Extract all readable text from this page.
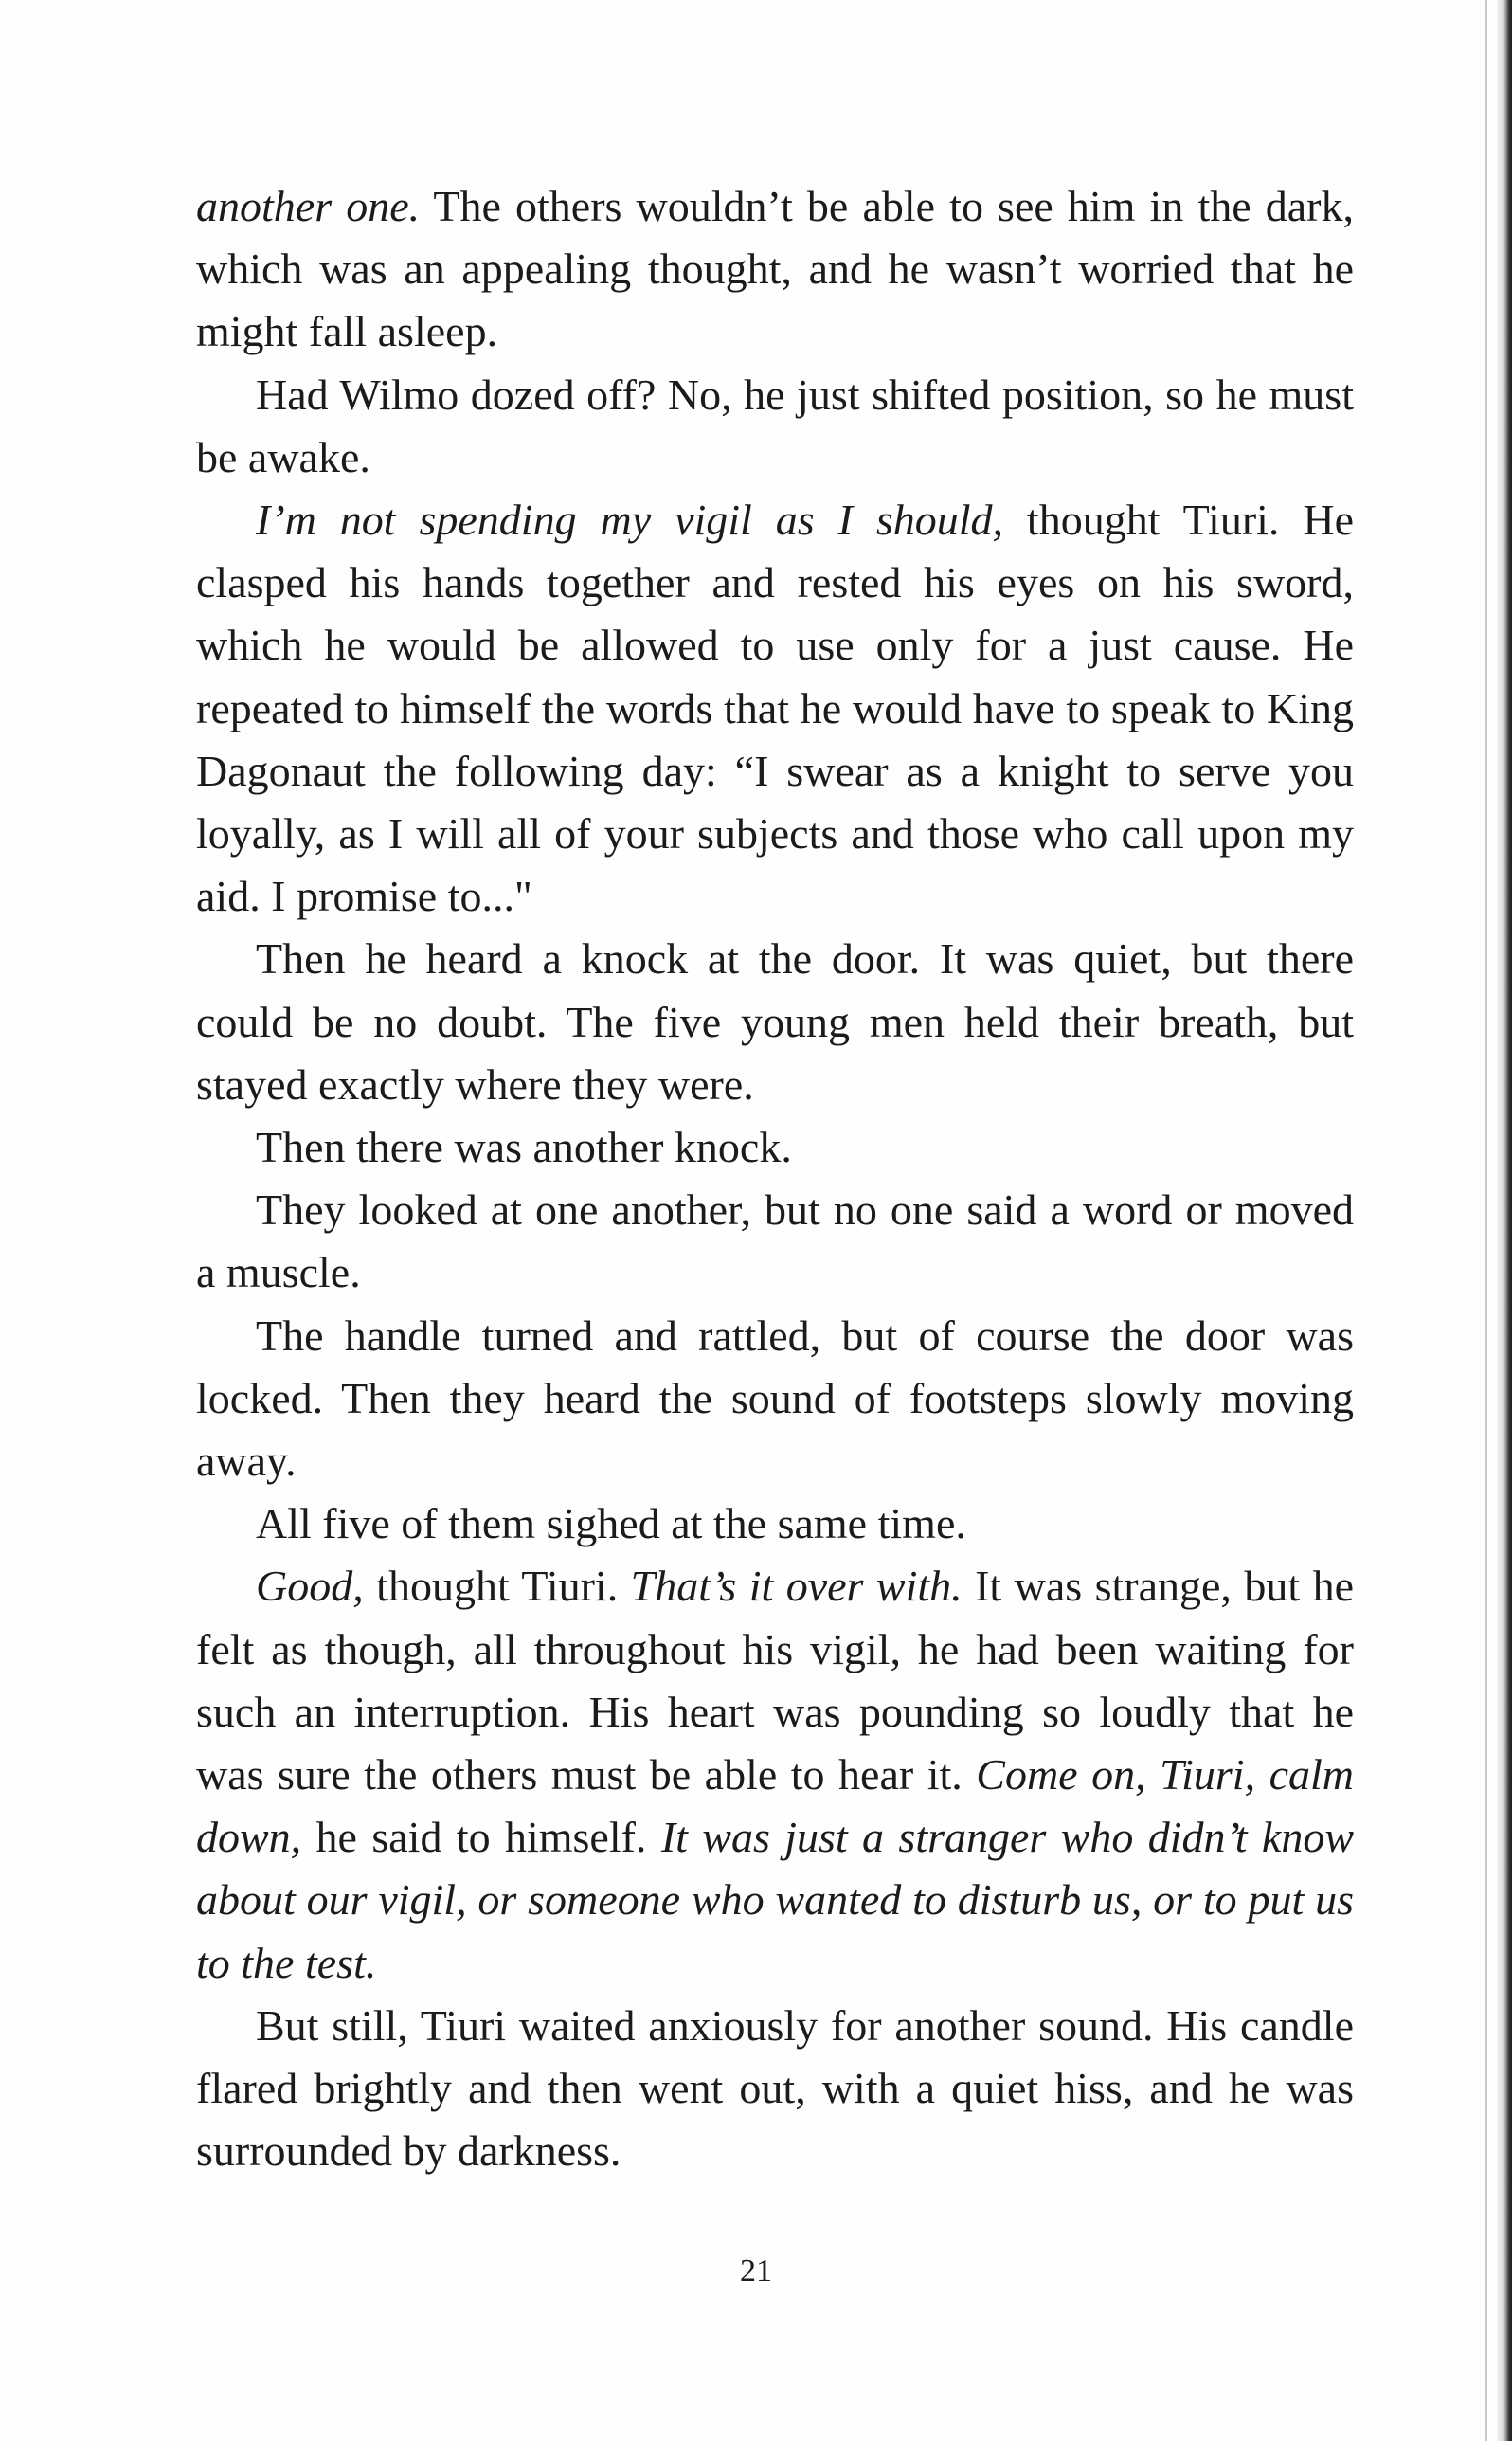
another one. The others wouldn’t be able to see him in the dark, which was an appealing thought, and he wasn’t worried that he might fall asleep.

Had Wilmo dozed off? No, he just shifted position, so he must be awake.

I’m not spending my vigil as I should, thought Tiuri. He clasped his hands together and rested his eyes on his sword, which he would be allowed to use only for a just cause. He repeated to himself the words that he would have to speak to King Dagonaut the following day: “I swear as a knight to serve you loyally, as I will all of your subjects and those who call upon my aid. I promise to..."

Then he heard a knock at the door. It was quiet, but there could be no doubt. The five young men held their breath, but stayed exactly where they were.

Then there was another knock.

They looked at one another, but no one said a word or moved a muscle.

The handle turned and rattled, but of course the door was locked. Then they heard the sound of footsteps slowly moving away.

All five of them sighed at the same time.

Good, thought Tiuri. That’s it over with. It was strange, but he felt as though, all throughout his vigil, he had been waiting for such an interruption. His heart was pounding so loudly that he was sure the others must be able to hear it. Come on, Tiuri, calm down, he said to himself. It was just a stranger who didn’t know about our vigil, or someone who wanted to disturb us, or to put us to the test.

But still, Tiuri waited anxiously for another sound. His candle flared brightly and then went out, with a quiet hiss, and he was surrounded by darkness.

21
